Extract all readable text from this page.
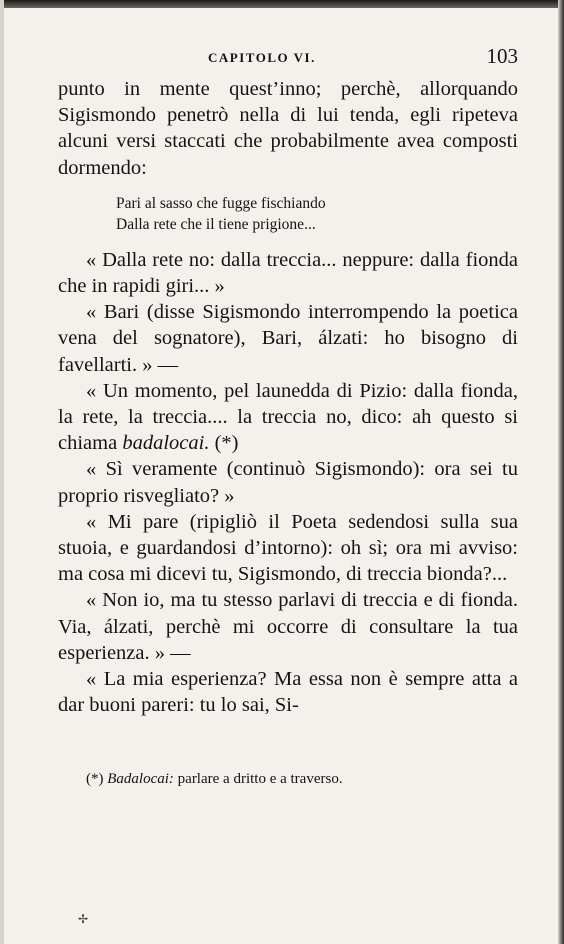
CAPITOLO VI.	103

punto in mente quest’inno; perchè, allorquando Sigismondo penetrò nella di lui tenda, egli ripeteva alcuni versi staccati che probabilmente avea composti dormendo:

Pari al sasso che fugge fischiando
Dalla rete che il tiene prigione...

« Dalla rete no: dalla treccia... neppure: dalla fionda che in rapidi giri... »

« Bari (disse Sigismondo interrompendo la poetica vena del sognatore), Bari, álzati: ho bisogno di favellarti. » —

« Un momento, pel launedda di Pizio: dalla fionda, la rete, la treccia.... la treccia no, dico: ah questo si chiama badalocai. (*)

« Sì veramente (continuò Sigismondo): ora sei tu proprio risvegliato? »

« Mi pare (ripigliò il Poeta sedendosi sulla sua stuoia, e guardandosi d’intorno): oh sì; ora mi avviso: ma cosa mi dicevi tu, Sigismondo, di treccia bionda?...

« Non io, ma tu stesso parlavi di treccia e di fionda. Via, álzati, perchè mi occorre di consultare la tua esperienza. » —

« La mia esperienza? Ma essa non è sempre atta a dar buoni pareri: tu lo sai, Si-

(*) Badalocai: parlare a dritto e a traverso.
✢
